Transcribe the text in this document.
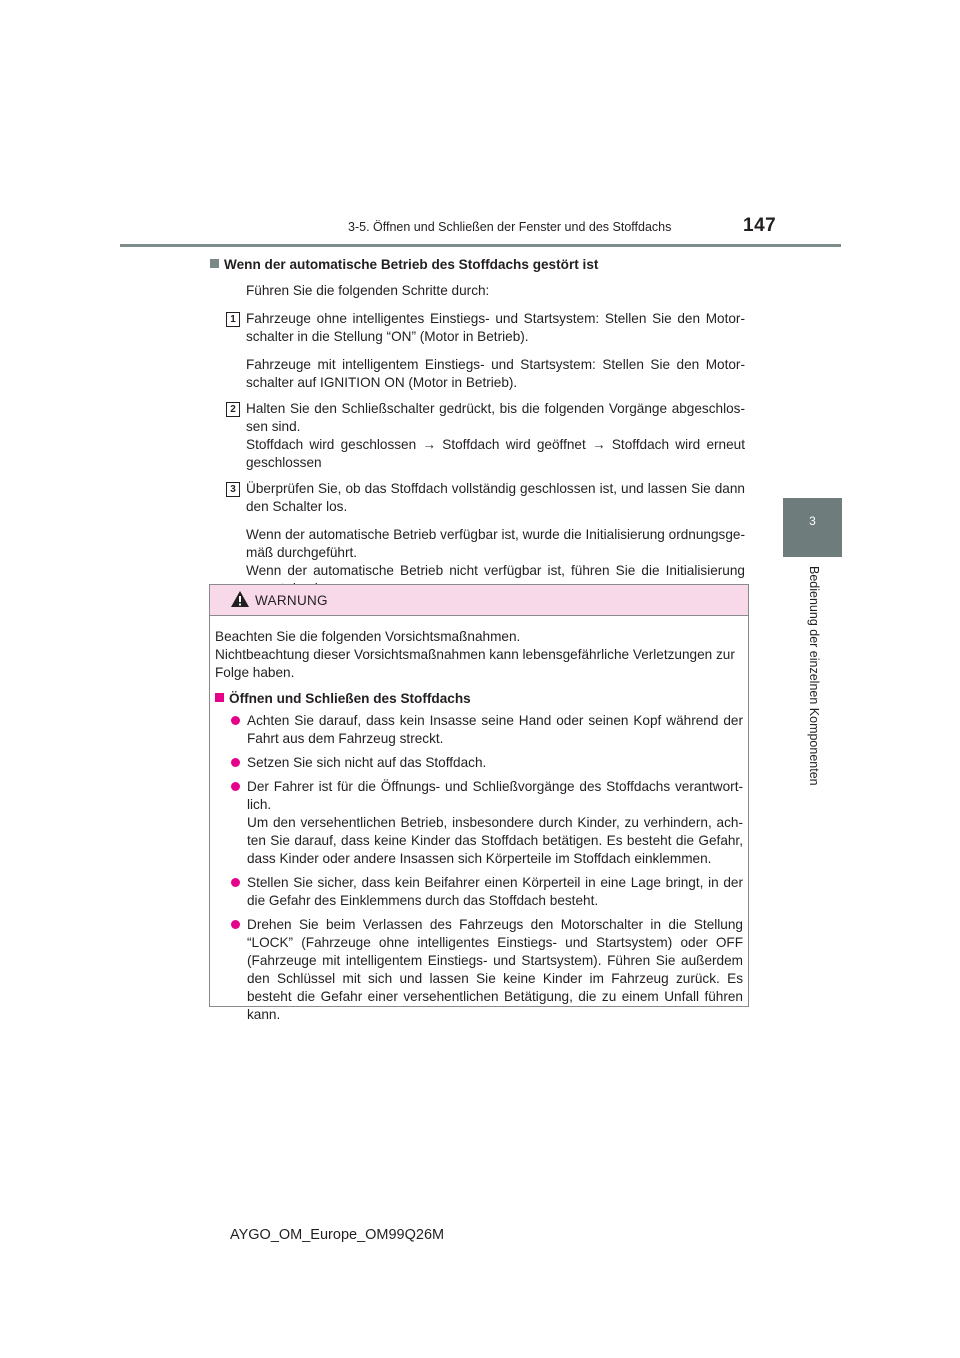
3-5. Öffnen und Schließen der Fenster und des Stoffdachs	147
3
Bedienung der einzelnen Komponenten
Wenn der automatische Betrieb des Stoffdachs gestört ist

Führen Sie die folgenden Schritte durch:

1 Fahrzeuge ohne intelligentes Einstiegs- und Startsystem: Stellen Sie den Motorschalter in die Stellung “ON” (Motor in Betrieb).

Fahrzeuge mit intelligentem Einstiegs- und Startsystem: Stellen Sie den Motorschalter auf IGNITION ON (Motor in Betrieb).

2 Halten Sie den Schließschalter gedrückt, bis die folgenden Vorgänge abgeschlossen sind.

Stoffdach wird geschlossen → Stoffdach wird geöffnet → Stoffdach wird erneut geschlossen

3 Überprüfen Sie, ob das Stoffdach vollständig geschlossen ist, und lassen Sie dann den Schalter los.

Wenn der automatische Betrieb verfügbar ist, wurde die Initialisierung ordnungsgemäß durchgeführt.

Wenn der automatische Betrieb nicht verfügbar ist, führen Sie die Initialisierung

WARNUNG

Beachten Sie die folgenden Vorsichtsmaßnahmen.

Nichtbeachtung dieser Vorsichtsmaßnahmen kann lebensgefährliche Verletzungen zur Folge haben.

Öffnen und Schließen des Stoffdachs

Achten Sie darauf, dass kein Insasse seine Hand oder seinen Kopf während der Fahrt aus dem Fahrzeug streckt.

Setzen Sie sich nicht auf das Stoffdach.

Der Fahrer ist für die Öffnungs- und Schließvorgänge des Stoffdachs verantwortlich.

Um den versehentlichen Betrieb, insbesondere durch Kinder, zu verhindern, achten Sie darauf, dass keine Kinder das Stoffdach betätigen. Es besteht die Gefahr, dass Kinder oder andere Insassen sich Körperteile im Stoffdach einklemmen.

Stellen Sie sicher, dass kein Beifahrer einen Körperteil in eine Lage bringt, in der die Gefahr des Einklemmens durch das Stoffdach besteht.

Drehen Sie beim Verlassen des Fahrzeugs den Motorschalter in die Stellung “LOCK” (Fahrzeuge ohne intelligentes Einstiegs- und Startsystem) oder OFF (Fahrzeuge mit intelligentem Einstiegs- und Startsystem). Führen Sie außerdem den Schlüssel mit sich und lassen Sie keine Kinder im Fahrzeug zurück. Es besteht die Gefahr einer versehentlichen Betätigung, die zu einem Unfall führen kann.

AYGO_OM_Europe_OM99Q26M
